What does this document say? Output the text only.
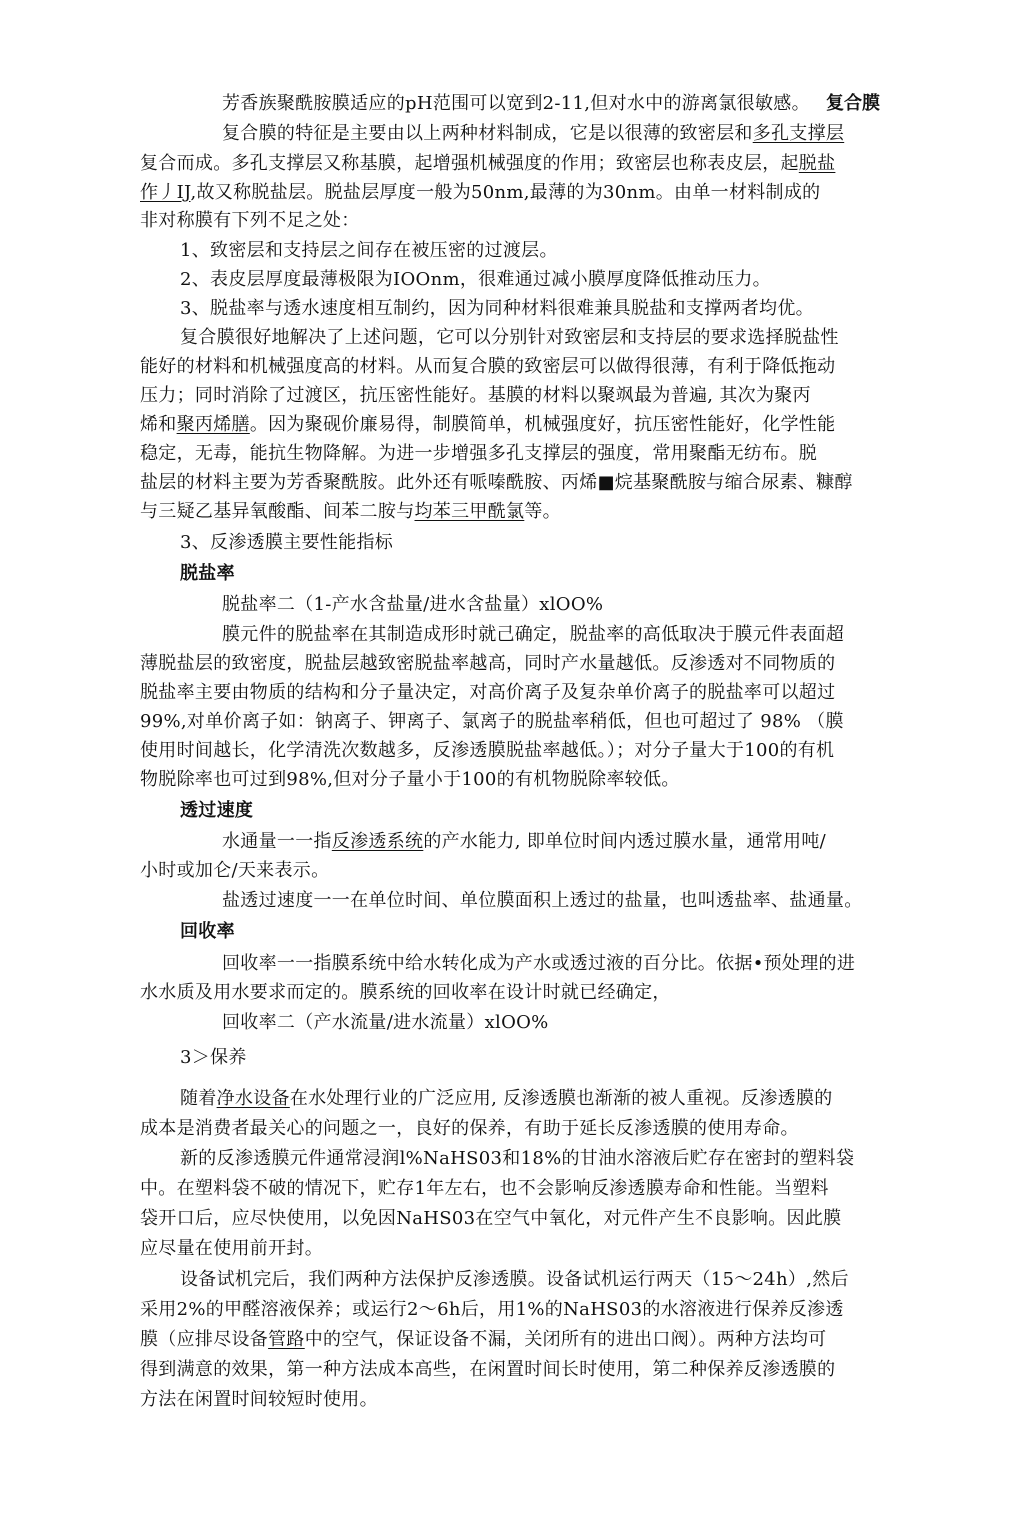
芳香族聚酰胺膜适应的pH范围可以宽到2-11,但对水中的游离氯很敏感。 复合膜
复合膜的特征是主要由以上两种材料制成，它是以很薄的致密层和多孔支撑层
复合而成。多孔支撑层又称基膜，起增强机械强度的作用；致密层也称表皮层，起脱盐
作丿IJ,故又称脱盐层。脱盐层厚度一般为50nm,最薄的为30nm。由单一材料制成的
非对称膜有下列不足之处：
1、致密层和支持层之间存在被压密的过渡层。
2、表皮层厚度最薄极限为IOOnm，很难通过减小膜厚度降低推动压力。
3、脱盐率与透水速度相互制约，因为同种材料很难兼具脱盐和支撑两者均优。
复合膜很好地解决了上述问题，它可以分别针对致密层和支持层的要求选择脱盐性
能好的材料和机械强度高的材料。从而复合膜的致密层可以做得很薄，有利于降低拖动
压力；同时消除了过渡区，抗压密性能好。基膜的材料以聚飒最为普遍, 其次为聚丙
烯和聚丙烯膳。因为聚砚价廉易得，制膜简单，机械强度好，抗压密性能好，化学性能
稳定，无毒，能抗生物降解。为进一步增强多孔支撑层的强度，常用聚酯无纺布。脱
盐层的材料主要为芳香聚酰胺。此外还有哌嗪酰胺、丙烯■烷基聚酰胺与缩合尿素、糠醇
与三疑乙基异氧酸酯、间苯二胺与均苯三甲酰氯等。
3、反渗透膜主要性能指标
脱盐率
脱盐率二（1-产水含盐量/进水含盐量）xlOO%
膜元件的脱盐率在其制造成形时就己确定，脱盐率的高低取决于膜元件表面超
薄脱盐层的致密度，脱盐层越致密脱盐率越高，同时产水量越低。反渗透对不同物质的
脱盐率主要由物质的结构和分子量决定，对高价离子及复杂单价离子的脱盐率可以超过
99%,对单价离子如：钠离子、钾离子、氯离子的脱盐率稍低，但也可超过了 98% （膜
使用时间越长，化学清洗次数越多，反渗透膜脱盐率越低。）；对分子量大于100的有机
物脱除率也可过到98%,但对分子量小于100的有机物脱除率较低。
透过速度
水通量一一指反渗透系统的产水能力, 即单位时间内透过膜水量，通常用吨/
小时或加仑/天来表示。
盐透过速度一一在单位时间、单位膜面积上透过的盐量，也叫透盐率、盐通量。
回收率
回收率一一指膜系统中给水转化成为产水或透过液的百分比。依据•预处理的进
水水质及用水要求而定的。膜系统的回收率在设计时就已经确定，
回收率二（产水流量/进水流量）xlOO%
3＞保养
随着净水设备在水处理行业的广泛应用, 反渗透膜也渐渐的被人重视。反渗透膜的
成本是消费者最关心的问题之一，良好的保养，有助于延长反渗透膜的使用寿命。
新的反渗透膜元件通常浸润l%NaHS03和18%的甘油水溶液后贮存在密封的塑料袋
中。在塑料袋不破的情况下，贮存1年左右，也不会影响反渗透膜寿命和性能。当塑料
袋开口后，应尽快使用，以免因NaHS03在空气中氧化，对元件产生不良影响。因此膜
应尽量在使用前开封。
设备试机完后，我们两种方法保护反渗透膜。设备试机运行两天（15〜24h）,然后
采用2%的甲醛溶液保养；或运行2〜6h后，用1%的NaHS03的水溶液进行保养反渗透
膜（应排尽设备管路中的空气，保证设备不漏，关闭所有的进出口阀）。两种方法均可
得到满意的效果，第一种方法成本高些，在闲置时间长时使用，第二种保养反渗透膜的
方法在闲置时间较短时使用。
